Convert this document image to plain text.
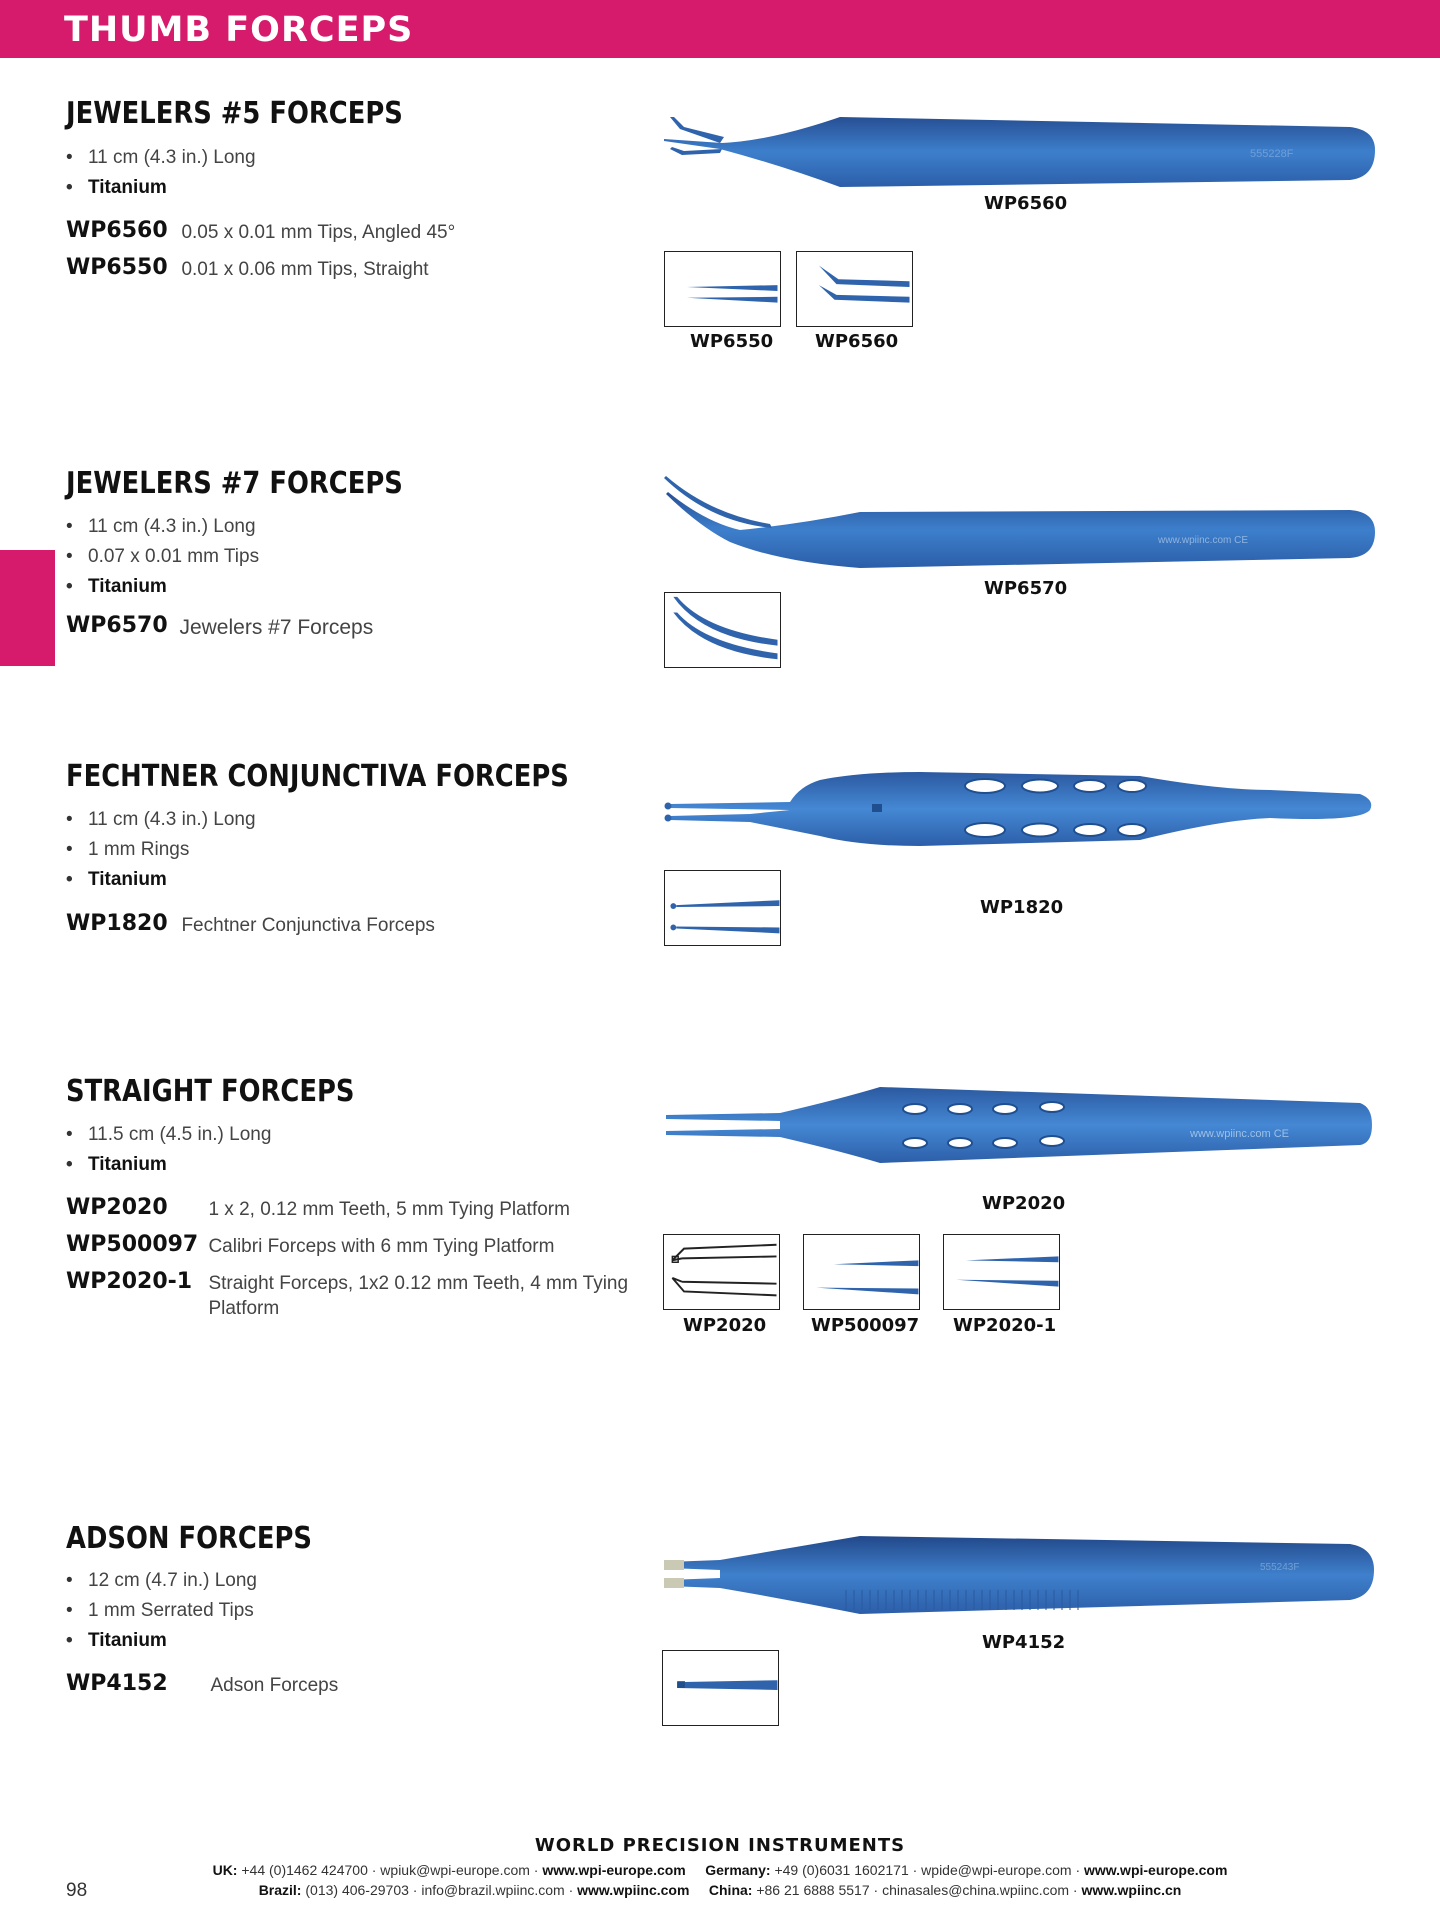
THUMB FORCEPS
JEWELERS #5 FORCEPS
• 11 cm (4.3 in.) Long
• Titanium
WP6560 0.05 x 0.01 mm Tips, Angled 45°
WP6550 0.01 x 0.06 mm Tips, Straight
555228F
WP6560
WP6550 WP6560
JEWELERS #7 FORCEPS
• 11 cm (4.3 in.) Long
• 0.07 x 0.01 mm Tips
• Titanium
WP6570 Jewelers #7 Forceps
www.wpiinc.com CE
WP6570
FECHTNER CONJUNCTIVA FORCEPS
• 11 cm (4.3 in.) Long
• 1 mm Rings
• Titanium
WP1820 Fechtner Conjunctiva Forceps
WP1820
STRAIGHT FORCEPS
• 11.5 cm (4.5 in.) Long
• Titanium
WP2020 1 x 2, 0.12 mm Teeth, 5 mm Tying Platform
WP500097 Calibri Forceps with 6 mm Tying Platform
WP2020-1 Straight Forceps, 1x2 0.12 mm Teeth, 4 mm Tying Platform
www.wpiinc.com CE
WP2020
WP2020 WP500097 WP2020-1
ADSON FORCEPS
• 12 cm (4.7 in.) Long
• 1 mm Serrated Tips
• Titanium
WP4152 Adson Forceps
555243F
WP4152
WORLD PRECISION INSTRUMENTS
UK: +44 (0)1462 424700 · wpiuk@wpi-europe.com · www.wpi-europe.com Germany: +49 (0)6031 1602171 · wpide@wpi-europe.com · www.wpi-europe.com
Brazil: (013) 406-29703 · info@brazil.wpiinc.com · www.wpiinc.com China: +86 21 6888 5517 · chinasales@china.wpiinc.com · www.wpiinc.cn
98
